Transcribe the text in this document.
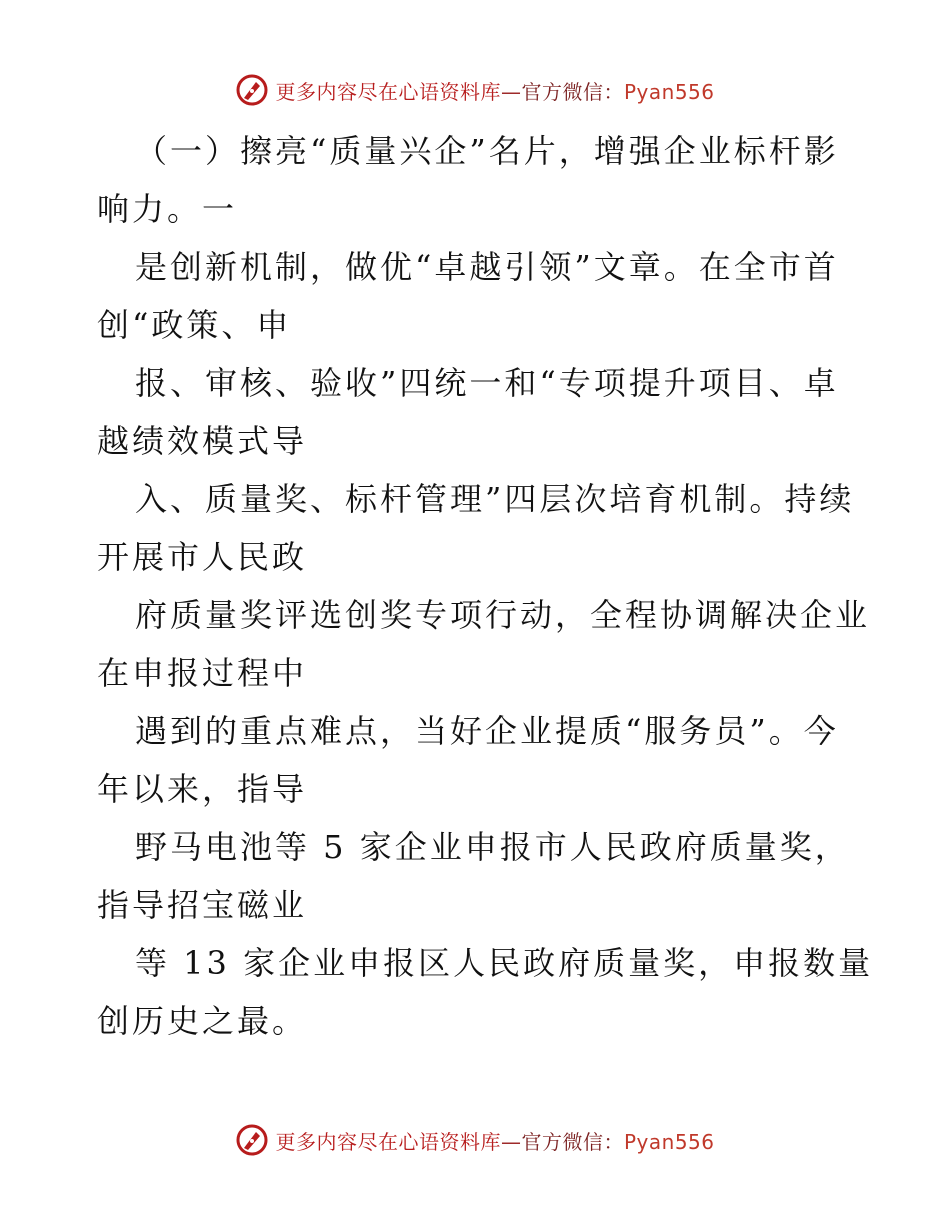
更多内容尽在心语资料库—官方微信：Pyan556
（一）擦亮“质量兴企”名片，增强企业标杆影
响力。一
是创新机制，做优“卓越引领”文章。在全市首
创“政策、申
报、审核、验收”四统一和“专项提升项目、卓
越绩效模式导
入、质量奖、标杆管理”四层次培育机制。持续
开展市人民政
府质量奖评选创奖专项行动，全程协调解决企业
在申报过程中
遇到的重点难点，当好企业提质“服务员”。今
年以来，指导
野马电池等 5 家企业申报市人民政府质量奖，
指导招宝磁业
等 13 家企业申报区人民政府质量奖，申报数量
创历史之最。
更多内容尽在心语资料库—官方微信：Pyan556
